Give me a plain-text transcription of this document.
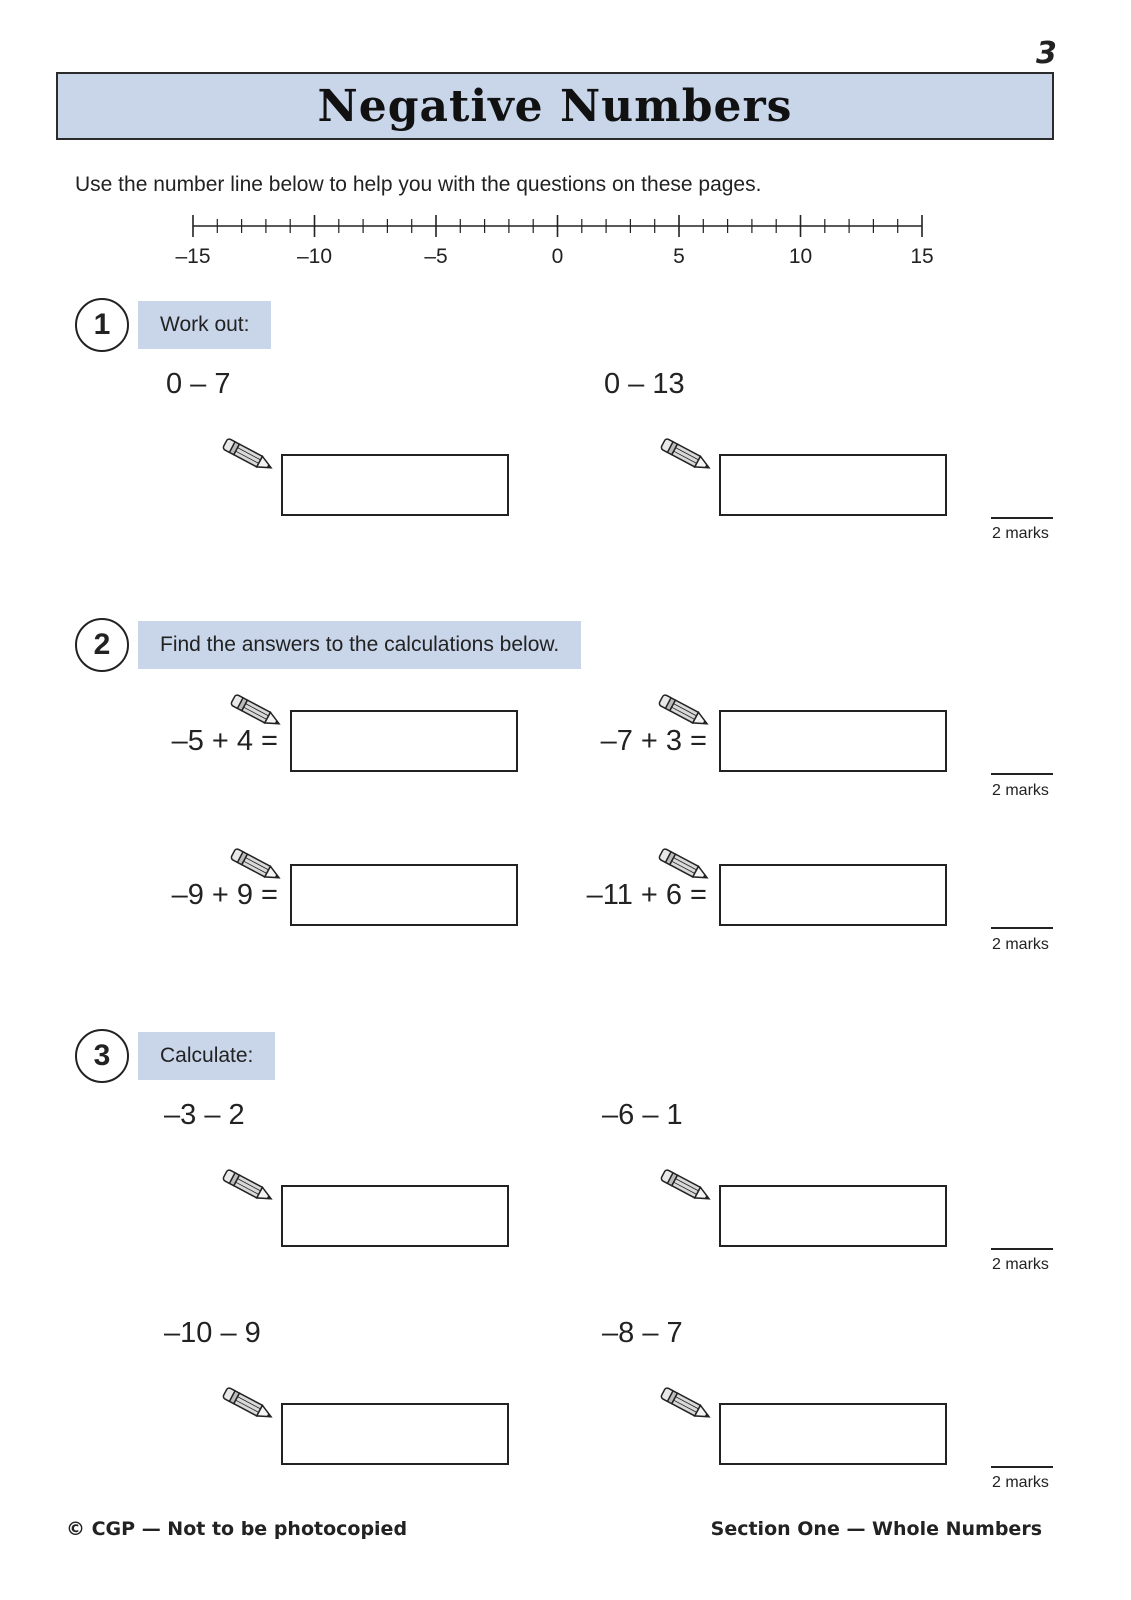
3
Negative Numbers
Use the number line below to help you with the questions on these pages.
–15	–10	–5	0	5	10	15
1	Work out:
0 – 7	0 – 13
2 marks
2	Find the answers to the calculations below.
–5 + 4 =	–7 + 3 =
2 marks
–9 + 9 =	–11 + 6 =
2 marks
3	Calculate:
–3 – 2	–6 – 1
2 marks
–10 – 9	–8 – 7
2 marks
© CGP — Not to be photocopied	Section One — Whole Numbers
